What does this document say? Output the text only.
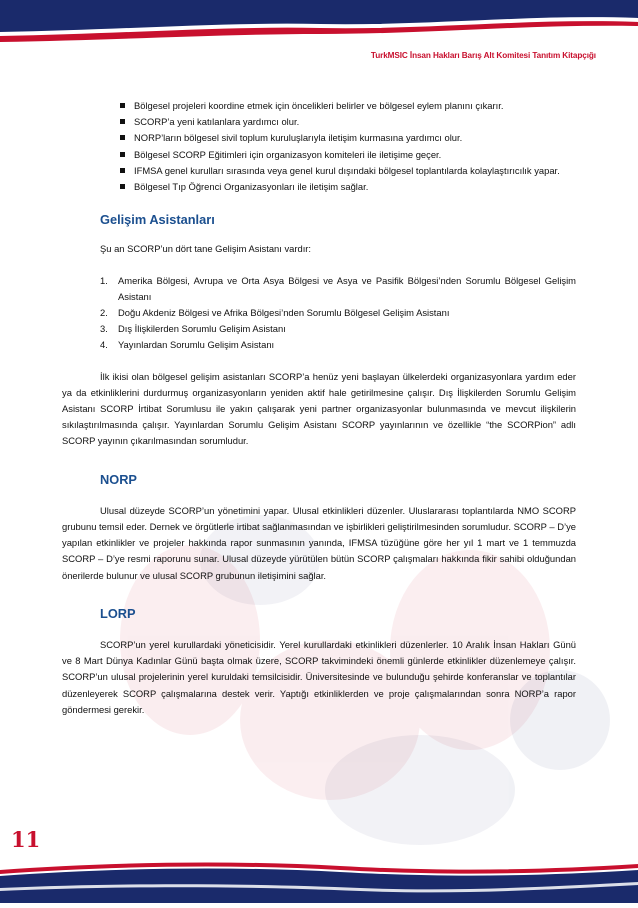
TurkMSIC İnsan Hakları Barış Alt Komitesi Tanıtım Kitapçığı
Bölgesel projeleri koordine etmek için öncelikleri belirler ve bölgesel eylem planını çıkarır.
SCORP’a yeni katılanlara yardımcı olur.
NORP’ların bölgesel sivil toplum kuruluşlarıyla iletişim kurmasına yardımcı olur.
Bölgesel SCORP Eğitimleri için organizasyon komiteleri ile iletişime geçer.
IFMSA genel kurulları sırasında veya genel kurul dışındaki bölgesel toplantılarda kolaylaştırıcılık yapar.
Bölgesel Tıp Öğrenci Organizasyonları ile iletişim sağlar.
Gelişim Asistanları

Şu an SCORP’un dört tane Gelişim Asistanı vardır:

1. Amerika Bölgesi, Avrupa ve Orta Asya Bölgesi ve Asya ve Pasifik Bölgesi’nden Sorumlu Bölgesel Gelişim Asistanı
2. Doğu Akdeniz Bölgesi ve Afrika Bölgesi’nden Sorumlu Bölgesel Gelişim Asistanı
3. Dış İlişkilerden Sorumlu Gelişim Asistanı
4. Yayınlardan Sorumlu Gelişim Asistanı

İlk ikisi olan bölgesel gelişim asistanları SCORP’a henüz yeni başlayan ülkelerdeki organizasyonlara yardım eder ya da etkinliklerini durdurmuş organizasyonların yeniden aktif hale getirilmesine çalışır. Dış İlişkilerden Sorumlu Gelişim Asistanı SCORP İrtibat Sorumlusu ile yakın çalışarak yeni partner organizasyonlar bulunmasında ve mevcut ilişkilerin sıkılaştırılmasında çalışır. Yayınlardan Sorumlu Gelişim Asistanı SCORP yayınlarının ve özellikle “the SCORPion” adlı SCORP yayının çıkarılmasından sorumludur.

NORP

Ulusal düzeyde SCORP’un yönetimini yapar. Ulusal etkinlikleri düzenler. Uluslararası toplantılarda NMO SCORP grubunu temsil eder. Dernek ve örgütlerle irtibat sağlanmasından ve işbirlikleri geliştirilmesinden sorumludur. SCORP – D’ye yapılan etkinlikler ve projeler hakkında rapor sunmasının yanında, IFMSA tüzüğüne göre her yıl 1 mart ve 1 temmuzda SCORP – D’ye resmi raporunu sunar. Ulusal düzeyde yürütülen bütün SCORP çalışmaları hakkında fikir sahibi olduğundan önerilerde bulunur ve ulusal SCORP grubunun iletişimini sağlar.

LORP

SCORP’un yerel kurullardaki yöneticisidir. Yerel kurullardaki etkinlikleri düzenlerler. 10 Aralık İnsan Hakları Günü ve 8 Mart Dünya Kadınlar Günü başta olmak üzere, SCORP takvimindeki önemli günlerde etkinlikler düzenlemeye çalışır. SCORP’un ulusal projelerinin yerel kuruldaki temsilcisidir. Üniversitesinde ve bulunduğu şehirde konferanslar ve toplantılar düzenleyerek SCORP çalışmalarına destek verir. Yaptığı etkinliklerden ve proje çalışmalarından sonra NORP’a rapor göndermesi gerekir.

11
